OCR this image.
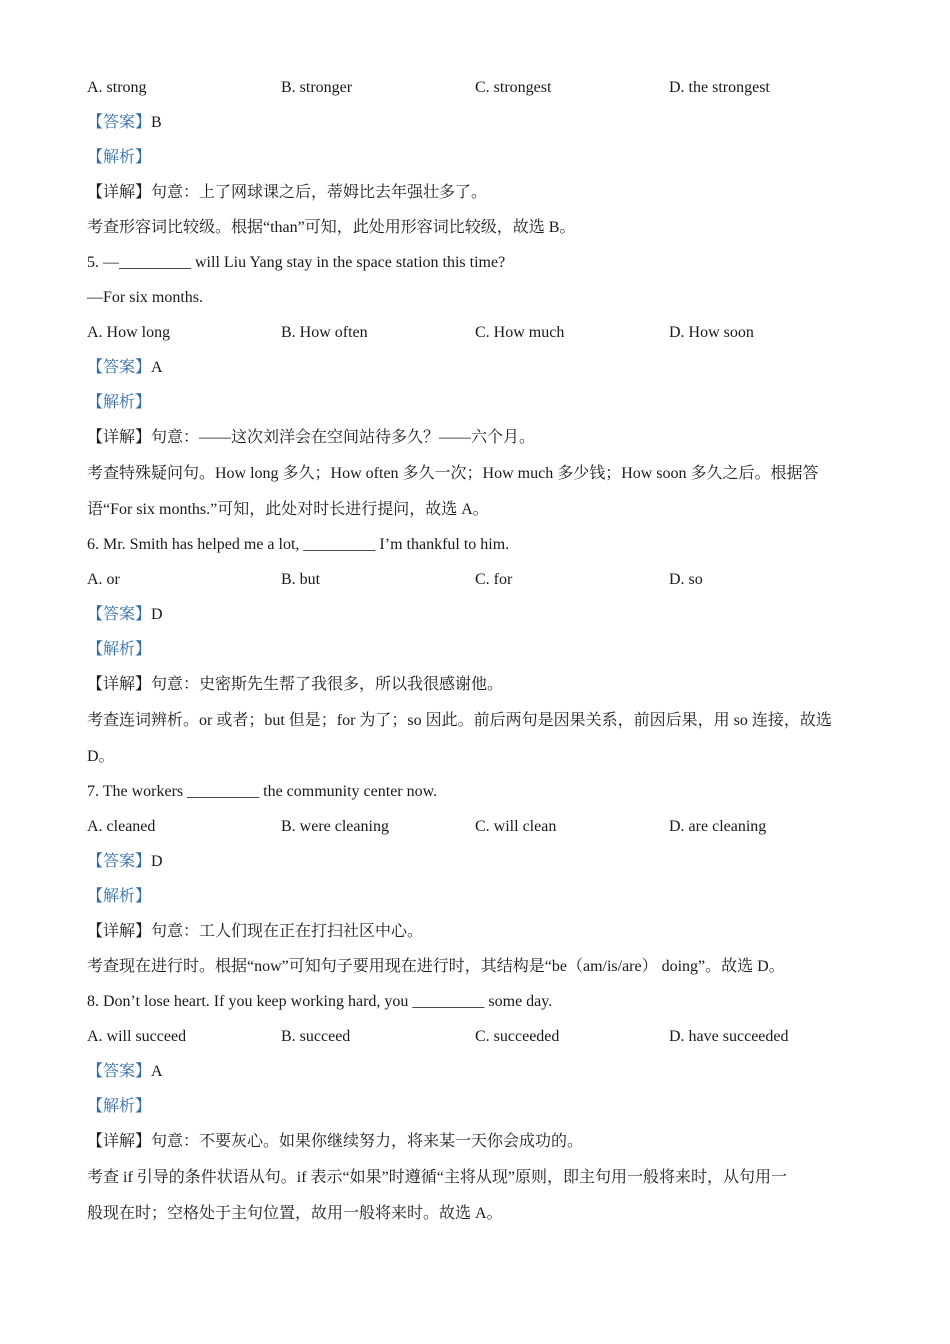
A. strong	B. stronger	C. strongest	D. the strongest
【答案】B
【解析】
【详解】句意：上了网球课之后，蒂姆比去年强壮多了。
考查形容词比较级。根据“than”可知，此处用形容词比较级，故选 B。
5. —_________ will Liu Yang stay in the space station this time?
—For six months.
A. How long	B. How often	C. How much	D. How soon
【答案】A
【解析】
【详解】句意：——这次刘洋会在空间站待多久？——六个月。
考查特殊疑问句。How long 多久；How often 多久一次；How much 多少钱；How soon 多久之后。根据答
语“For six months.”可知，此处对时长进行提问，故选 A。
6. Mr. Smith has helped me a lot, _________ I’m thankful to him.
A. or	B. but	C. for	D. so
【答案】D
【解析】
【详解】句意：史密斯先生帮了我很多，所以我很感谢他。
考查连词辨析。or 或者；but 但是；for 为了；so 因此。前后两句是因果关系，前因后果，用 so 连接，故选
D。
7. The workers _________ the community center now.
A. cleaned	B. were cleaning	C. will clean	D. are cleaning
【答案】D
【解析】
【详解】句意：工人们现在正在打扫社区中心。
考查现在进行时。根据“now”可知句子要用现在进行时，其结构是“be（am/is/are） doing”。故选 D。
8. Don’t lose heart. If you keep working hard, you _________ some day.
A. will succeed	B. succeed	C. succeeded	D. have succeeded
【答案】A
【解析】
【详解】句意：不要灰心。如果你继续努力，将来某一天你会成功的。
考查 if 引导的条件状语从句。if 表示“如果”时遵循“主将从现”原则，即主句用一般将来时，从句用一
般现在时；空格处于主句位置，故用一般将来时。故选 A。
